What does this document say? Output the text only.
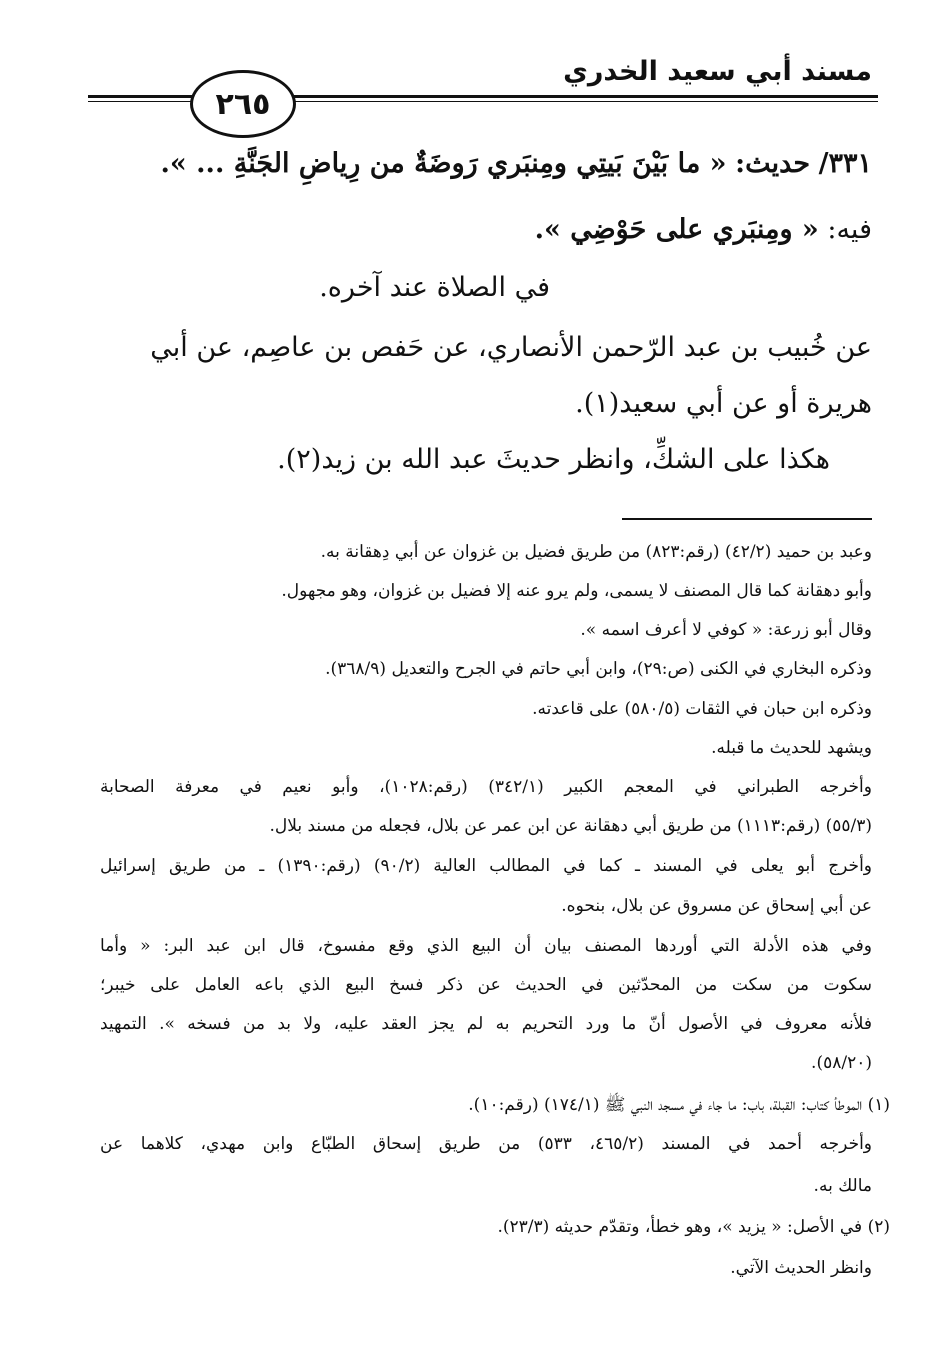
مسند أبي سعيد الخدري
٢٦٥
٣٣١/ حديث: « ما بَيْنَ بَيتِي ومِنبَري رَوضَةٌ من رِياضِ الجَنَّةِ ... ».
فيه: « ومِنبَري على حَوْضِي ».
في الصلاة عند آخره.
عن خُبيب بن عبد الرّحمن الأنصاري، عن حَفص بن عاصِم، عن أبي
هريرة أو عن أبي سعيد(١).
هكذا على الشكِّ، وانظر حديثَ عبد الله بن زيد(٢).
وعبد بن حميد (٤٢/٢) (رقم:٨٢٣) من طريق فضيل بن غزوان عن أبي دِهقانة به.
وأبو دهقانة كما قال المصنف لا يسمى، ولم يرو عنه إلا فضيل بن غزوان، وهو مجهول.
وقال أبو زرعة: « كوفي لا أعرف اسمه ».
وذكره البخاري في الكنى (ص:٢٩)، وابن أبي حاتم في الجرح والتعديل (٣٦٨/٩).
وذكره ابن حبان في الثقات (٥٨٠/٥) على قاعدته.
ويشهد للحديث ما قبله.
وأخرجه الطبراني في المعجم الكبير (٣٤٢/١) (رقم:١٠٢٨)، وأبو نعيم في معرفة الصحابة
(٥٥/٣) (رقم:١١١٣) من طريق أبي دهقانة عن ابن عمر عن بلال، فجعله من مسند بلال.
وأخرج أبو يعلى في المسند ـ كما في المطالب العالية (٩٠/٢) (رقم:١٣٩٠) ـ من طريق إسرائيل
عن أبي إسحاق عن مسروق عن بلال، بنحوه.
وفي هذه الأدلة التي أوردها المصنف بيان أن البيع الذي وقع مفسوخ، قال ابن عبد البر: « وأما
سكوت من سكت من المحدّثين في الحديث عن ذكر فسخ البيع الذي باعه العامل على خيبر؛
فلأنه معروف في الأصول أنّ ما ورد التحريم به لم يجز العقد عليه، ولا بد من فسخه ». التمهيد
(٥٨/٢٠).
(١) الموطأ كتاب: القبلة، باب: ما جاء في مسجد النبي ﷺ (١٧٤/١) (رقم:١٠).
وأخرجه أحمد في المسند (٤٦٥/٢، ٥٣٣) من طريق إسحاق الطبّاع وابن مهدي، كلاهما عن
مالك به.
(٢) في الأصل: « يزيد »، وهو خطأ، وتقدّم حديثه (٢٣/٣).
وانظر الحديث الآتي.
